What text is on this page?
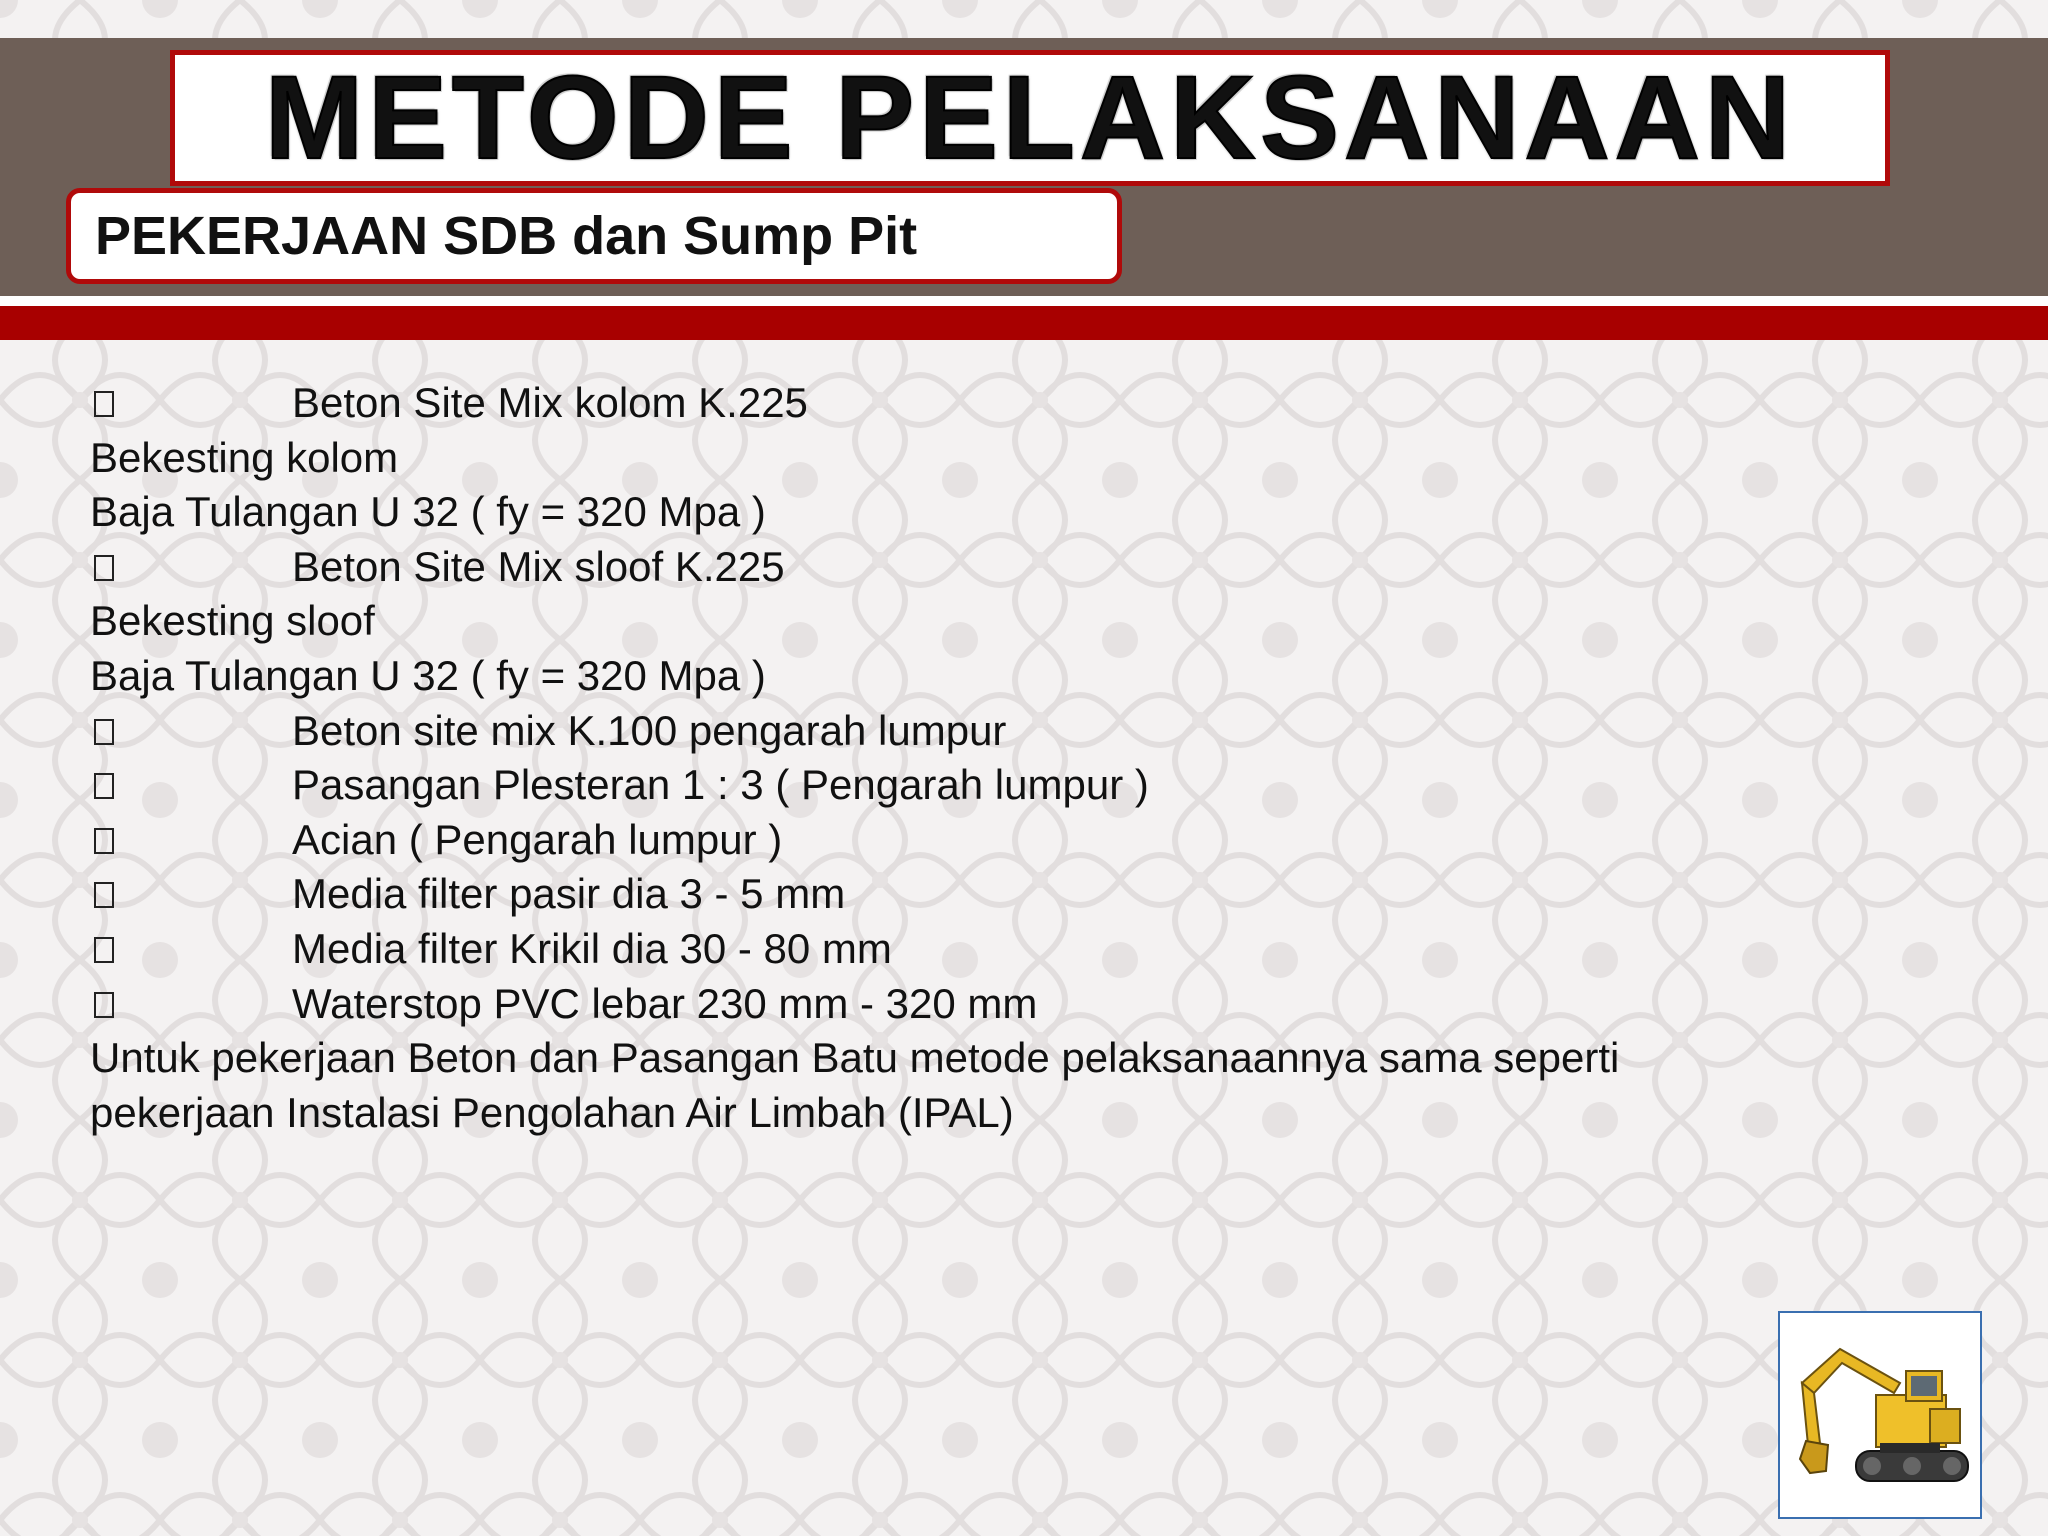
METODE PELAKSANAAN
PEKERJAAN SDB dan Sump Pit
Beton Site Mix kolom K.225
Bekesting kolom
Baja Tulangan U 32 ( fy = 320 Mpa )
Beton Site Mix sloof K.225
Bekesting sloof
Baja Tulangan U 32 ( fy = 320 Mpa )
Beton site mix K.100 pengarah lumpur
Pasangan Plesteran 1 : 3 ( Pengarah lumpur )
Acian ( Pengarah lumpur )
Media filter pasir dia 3 - 5 mm
Media filter Krikil dia 30 - 80 mm
Waterstop PVC lebar 230 mm - 320 mm
Untuk pekerjaan Beton dan Pasangan Batu metode pelaksanaannya sama seperti pekerjaan Instalasi Pengolahan Air Limbah (IPAL)
